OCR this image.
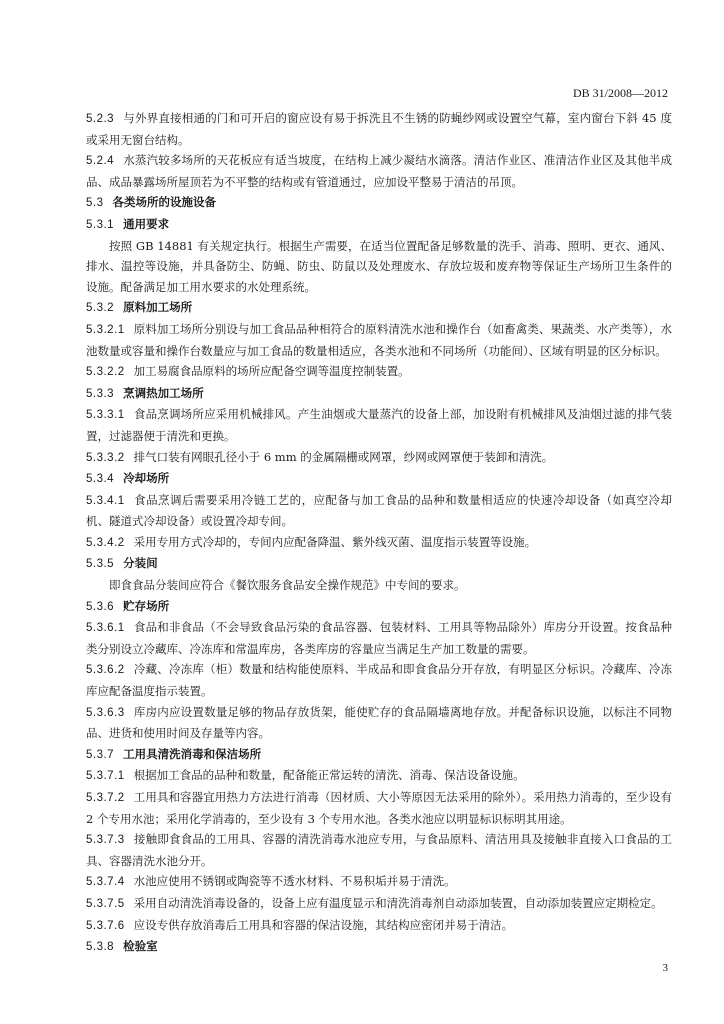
DB 31/2008—2012

5.2.3 与外界直接相通的门和可开启的窗应设有易于拆洗且不生锈的防蝇纱网或设置空气幕，室内窗台下斜 45 度或采用无窗台结构。

5.2.4 水蒸汽较多场所的天花板应有适当坡度，在结构上减少凝结水滴落。清洁作业区、准清洁作业区及其他半成品、成品暴露场所屋顶若为不平整的结构或有管道通过，应加设平整易于清洁的吊顶。

5.3 各类场所的设施设备

5.3.1 通用要求

按照 GB 14881 有关规定执行。根据生产需要，在适当位置配备足够数量的洗手、消毒、照明、更衣、通风、排水、温控等设施，并具备防尘、防蝇、防虫、防鼠以及处理废水、存放垃圾和废弃物等保证生产场所卫生条件的设施。配备满足加工用水要求的水处理系统。

5.3.2 原料加工场所

5.3.2.1 原料加工场所分别设与加工食品品种相符合的原料清洗水池和操作台（如畜禽类、果蔬类、水产类等），水池数量或容量和操作台数量应与加工食品的数量相适应，各类水池和不同场所（功能间）、区域有明显的区分标识。

5.3.2.2 加工易腐食品原料的场所应配备空调等温度控制装置。

5.3.3 烹调热加工场所

5.3.3.1 食品烹调场所应采用机械排风。产生油烟或大量蒸汽的设备上部，加设附有机械排风及油烟过滤的排气装置，过滤器便于清洗和更换。

5.3.3.2 排气口装有网眼孔径小于 6 mm 的金属隔栅或网罩，纱网或网罩便于装卸和清洗。

5.3.4 冷却场所

5.3.4.1 食品烹调后需要采用冷链工艺的，应配备与加工食品的品种和数量相适应的快速冷却设备（如真空冷却机、隧道式冷却设备）或设置冷却专间。

5.3.4.2 采用专用方式冷却的，专间内应配备降温、紫外线灭菌、温度指示装置等设施。

5.3.5 分装间

即食食品分装间应符合《餐饮服务食品安全操作规范》中专间的要求。

5.3.6 贮存场所

5.3.6.1 食品和非食品（不会导致食品污染的食品容器、包装材料、工用具等物品除外）库房分开设置。按食品种类分别设立冷藏库、冷冻库和常温库房，各类库房的容量应当满足生产加工数量的需要。

5.3.6.2 冷藏、冷冻库（柜）数量和结构能使原料、半成品和即食食品分开存放，有明显区分标识。冷藏库、冷冻库应配备温度指示装置。

5.3.6.3 库房内应设置数量足够的物品存放货架，能使贮存的食品隔墙离地存放。并配备标识设施，以标注不同物品、进货和使用时间及存量等内容。

5.3.7 工用具清洗消毒和保洁场所

5.3.7.1 根据加工食品的品种和数量，配备能正常运转的清洗、消毒、保洁设备设施。

5.3.7.2 工用具和容器宜用热力方法进行消毒（因材质、大小等原因无法采用的除外）。采用热力消毒的，至少设有 2 个专用水池；采用化学消毒的，至少设有 3 个专用水池。各类水池应以明显标识标明其用途。

5.3.7.3 接触即食食品的工用具、容器的清洗消毒水池应专用，与食品原料、清洁用具及接触非直接入口食品的工具、容器清洗水池分开。

5.3.7.4 水池应使用不锈钢或陶瓷等不透水材料、不易积垢并易于清洗。

5.3.7.5 采用自动清洗消毒设备的，设备上应有温度显示和清洗消毒剂自动添加装置，自动添加装置应定期检定。

5.3.7.6 应设专供存放消毒后工用具和容器的保洁设施，其结构应密闭并易于清洁。

5.3.8 检验室

3
